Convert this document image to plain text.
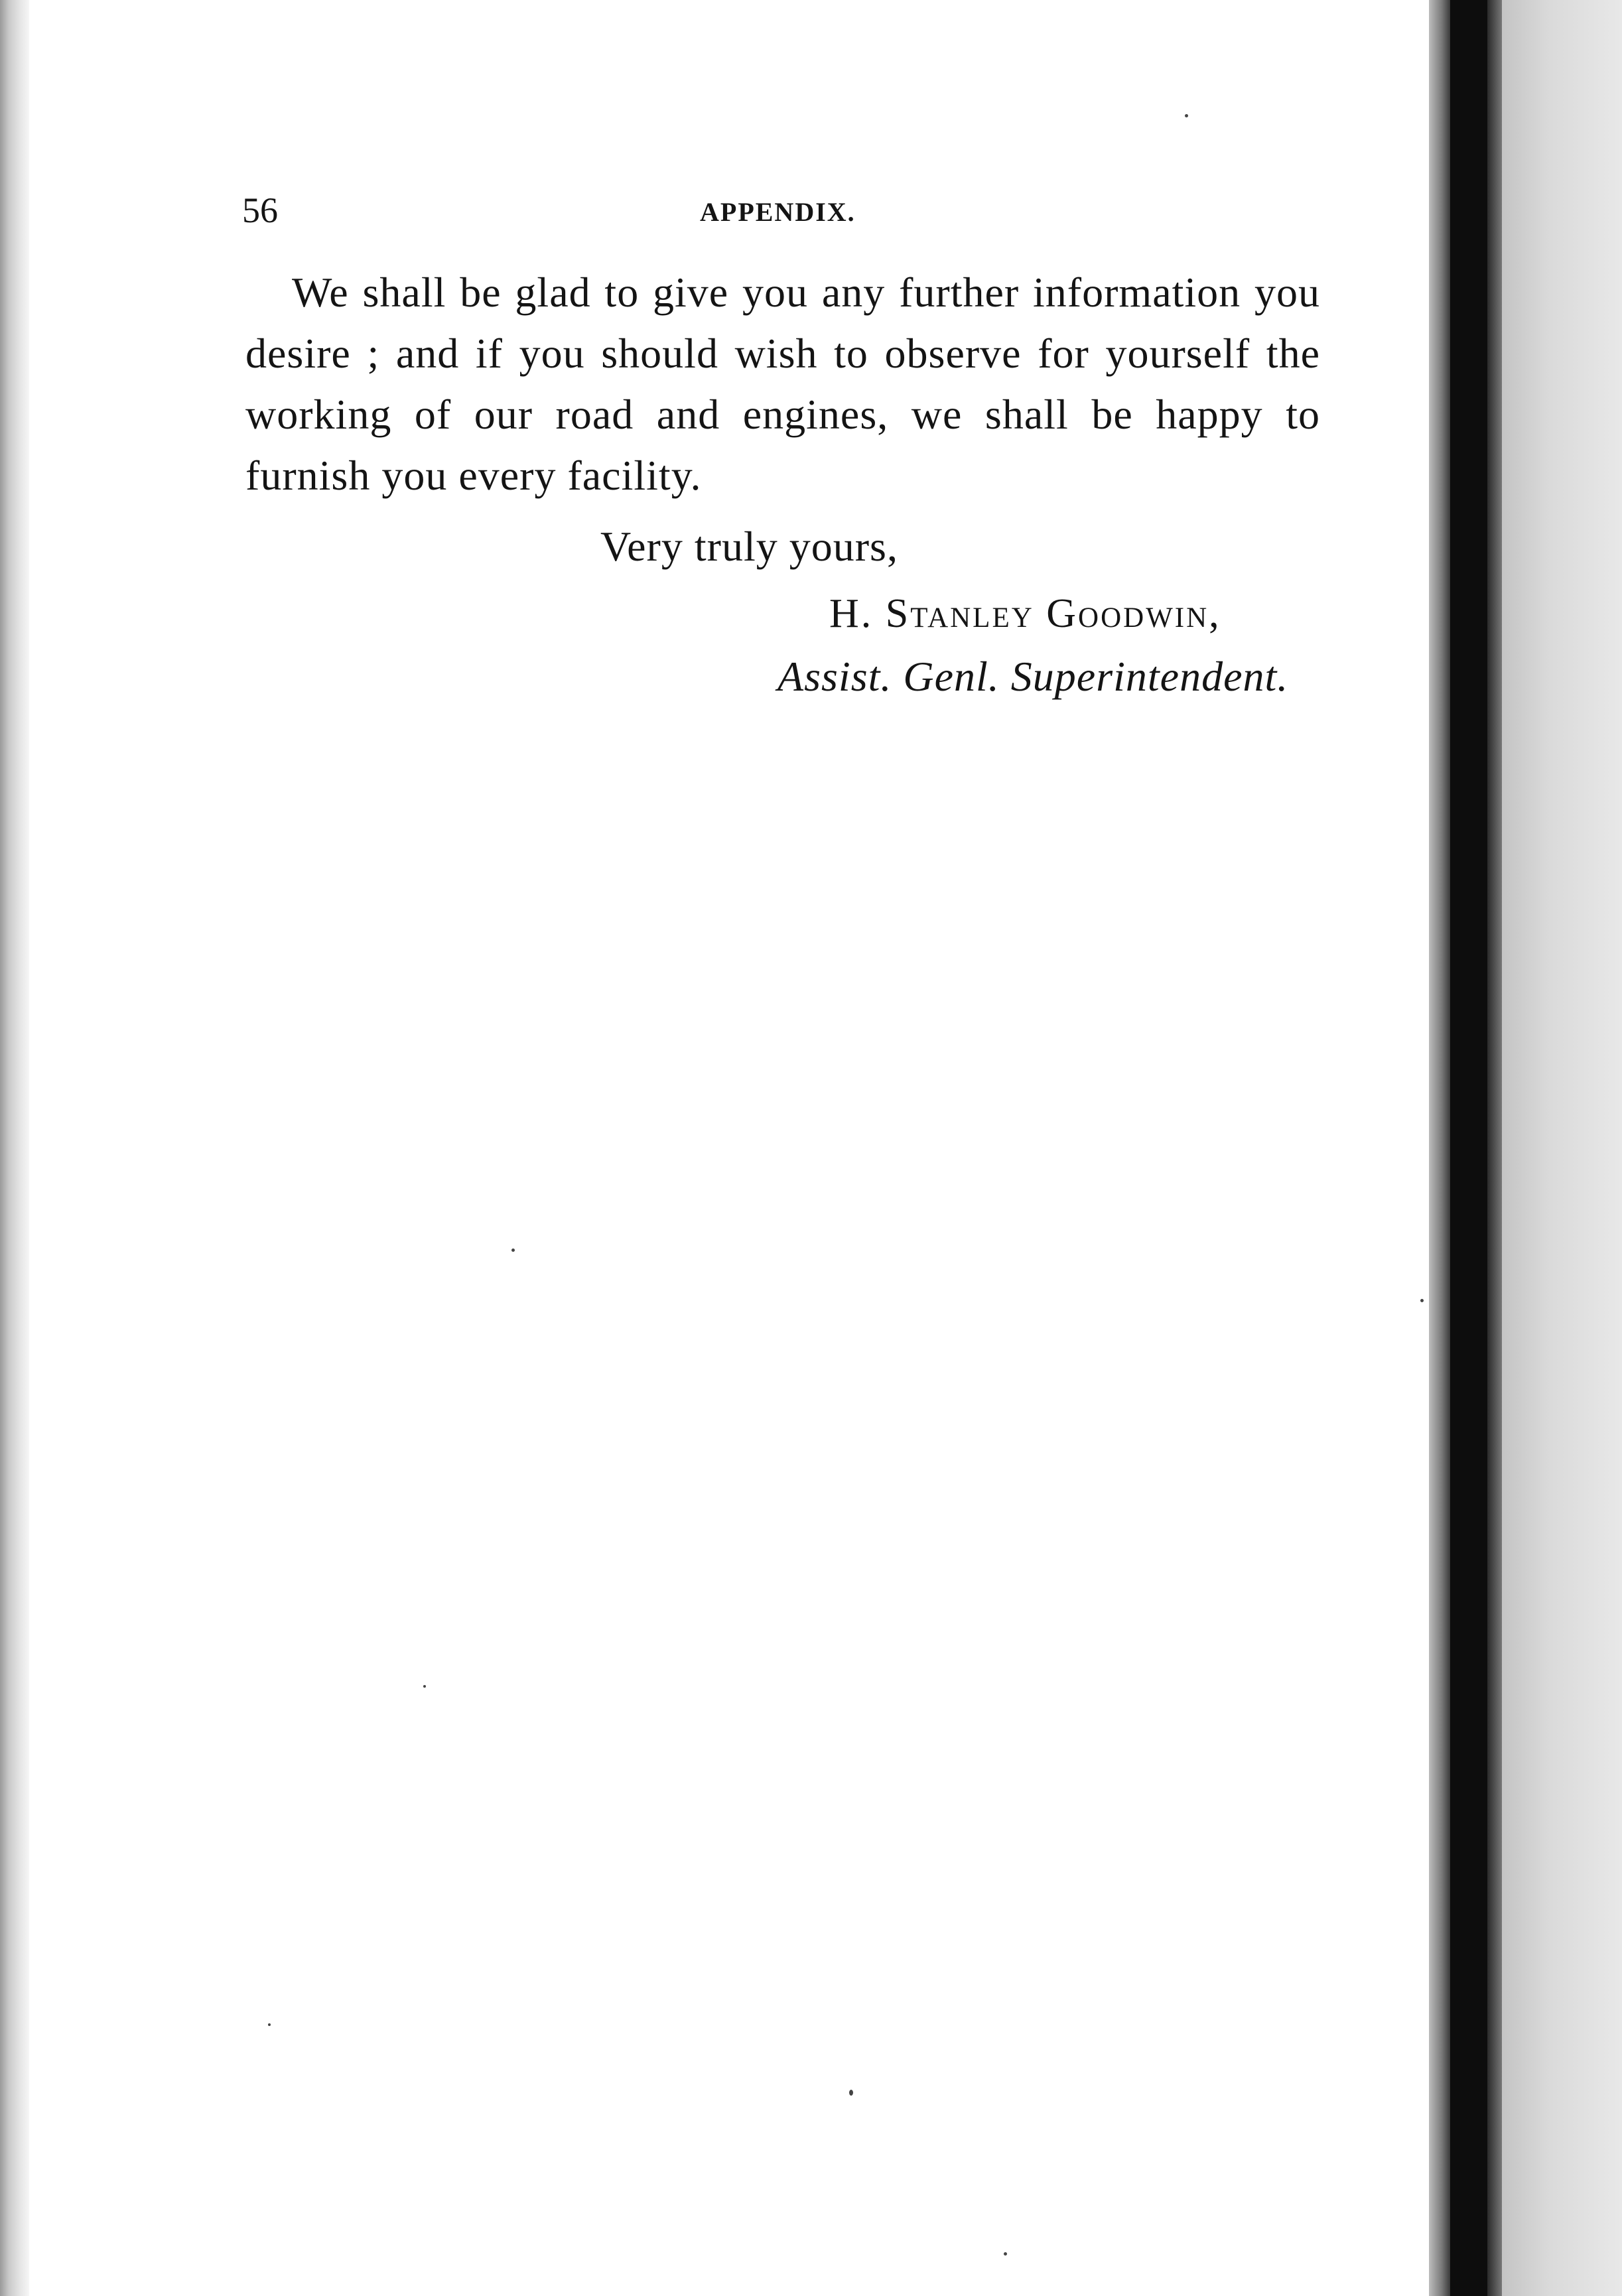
56	APPENDIX.

We shall be glad to give you any further information you desire ; and if you should wish to observe for yourself the working of our road and engines, we shall be happy to furnish you every facility.

Very truly yours,
H. Stanley Goodwin,
Assist. Genl. Superintendent.
